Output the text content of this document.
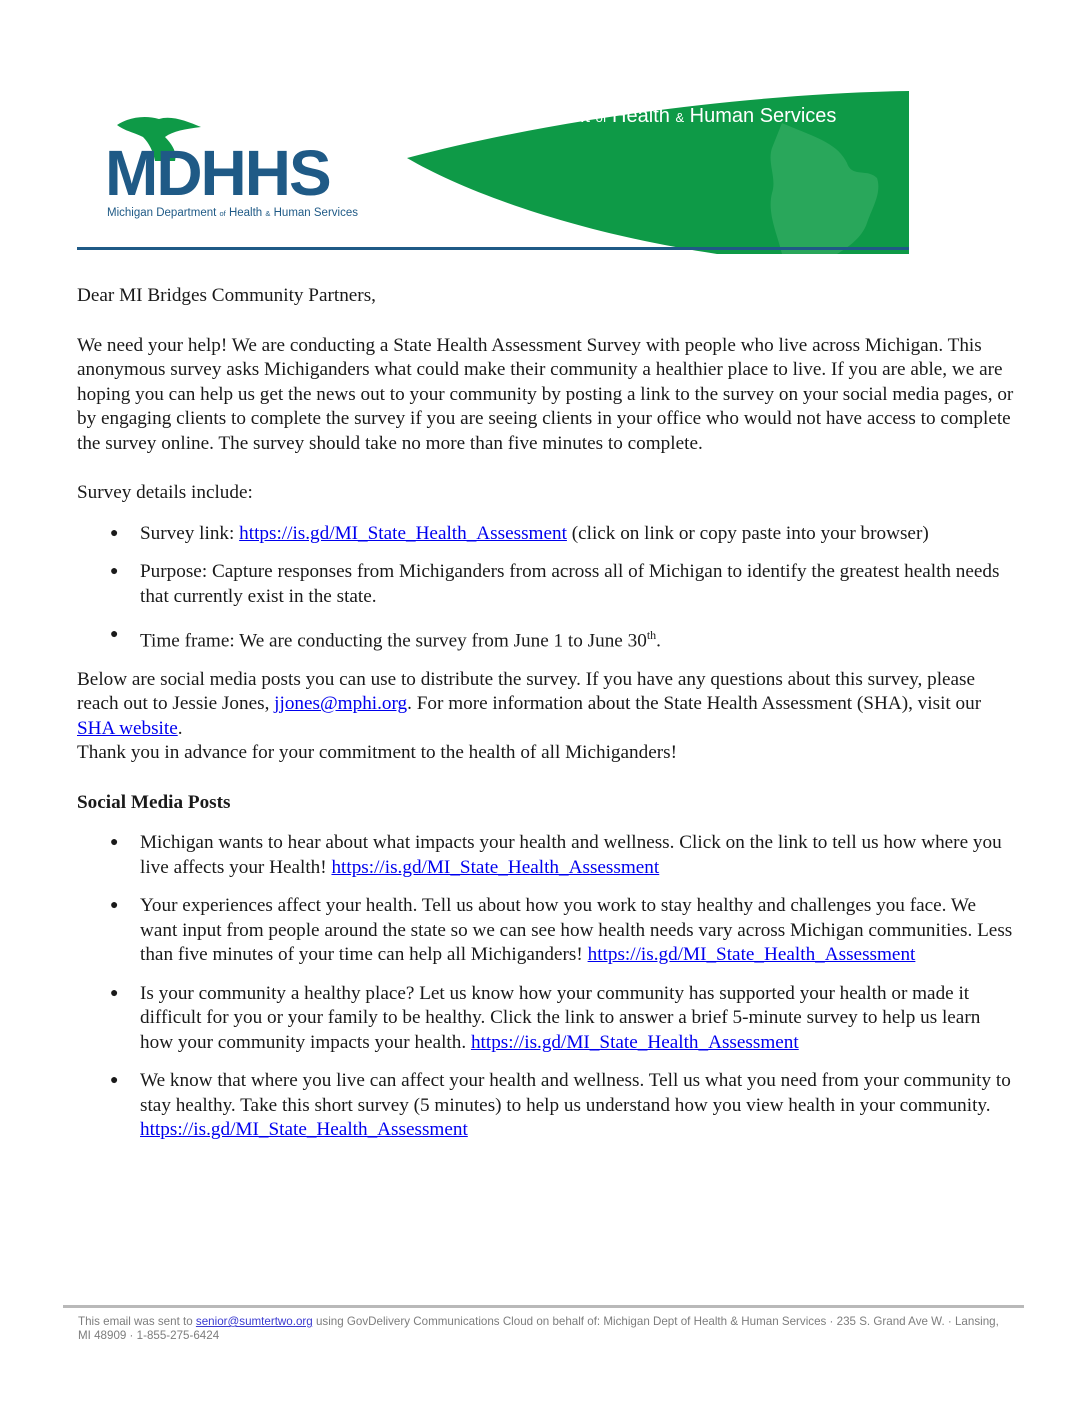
MDHHS
Michigan Department of Health & Human Services
Michigan Department of Health & Human Services

Dear MI Bridges Community Partners,

We need your help! We are conducting a State Health Assessment Survey with people who live across Michigan. This anonymous survey asks Michiganders what could make their community a healthier place to live. If you are able, we are hoping you can help us get the news out to your community by posting a link to the survey on your social media pages, or by engaging clients to complete the survey if you are seeing clients in your office who would not have access to complete the survey online. The survey should take no more than five minutes to complete.

Survey details include:

● Survey link: https://is.gd/MI_State_Health_Assessment (click on link or copy paste into your browser)
● Purpose: Capture responses from Michiganders from across all of Michigan to identify the greatest health needs that currently exist in the state.
● Time frame: We are conducting the survey from June 1 to June 30th.

Below are social media posts you can use to distribute the survey. If you have any questions about this survey, please reach out to Jessie Jones, jjones@mphi.org. For more information about the State Health Assessment (SHA), visit our SHA website.

Thank you in advance for your commitment to the health of all Michiganders!

Social Media Posts
● Michigan wants to hear about what impacts your health and wellness. Click on the link to tell us how where you live affects your Health! https://is.gd/MI_State_Health_Assessment
● Your experiences affect your health. Tell us about how you work to stay healthy and challenges you face. We want input from people around the state so we can see how health needs vary across Michigan communities. Less than five minutes of your time can help all Michiganders! https://is.gd/MI_State_Health_Assessment
● Is your community a healthy place? Let us know how your community has supported your health or made it difficult for you or your family to be healthy. Click the link to answer a brief 5-minute survey to help us learn how your community impacts your health. https://is.gd/MI_State_Health_Assessment
● We know that where you live can affect your health and wellness. Tell us what you need from your community to stay healthy. Take this short survey (5 minutes) to help us understand how you view health in your community. https://is.gd/MI_State_Health_Assessment
This email was sent to senior@sumtertwo.org using GovDelivery Communications Cloud on behalf of: Michigan Dept of Health & Human Services · 235 S. Grand Ave W. · Lansing, MI 48909 · 1-855-275-6424
